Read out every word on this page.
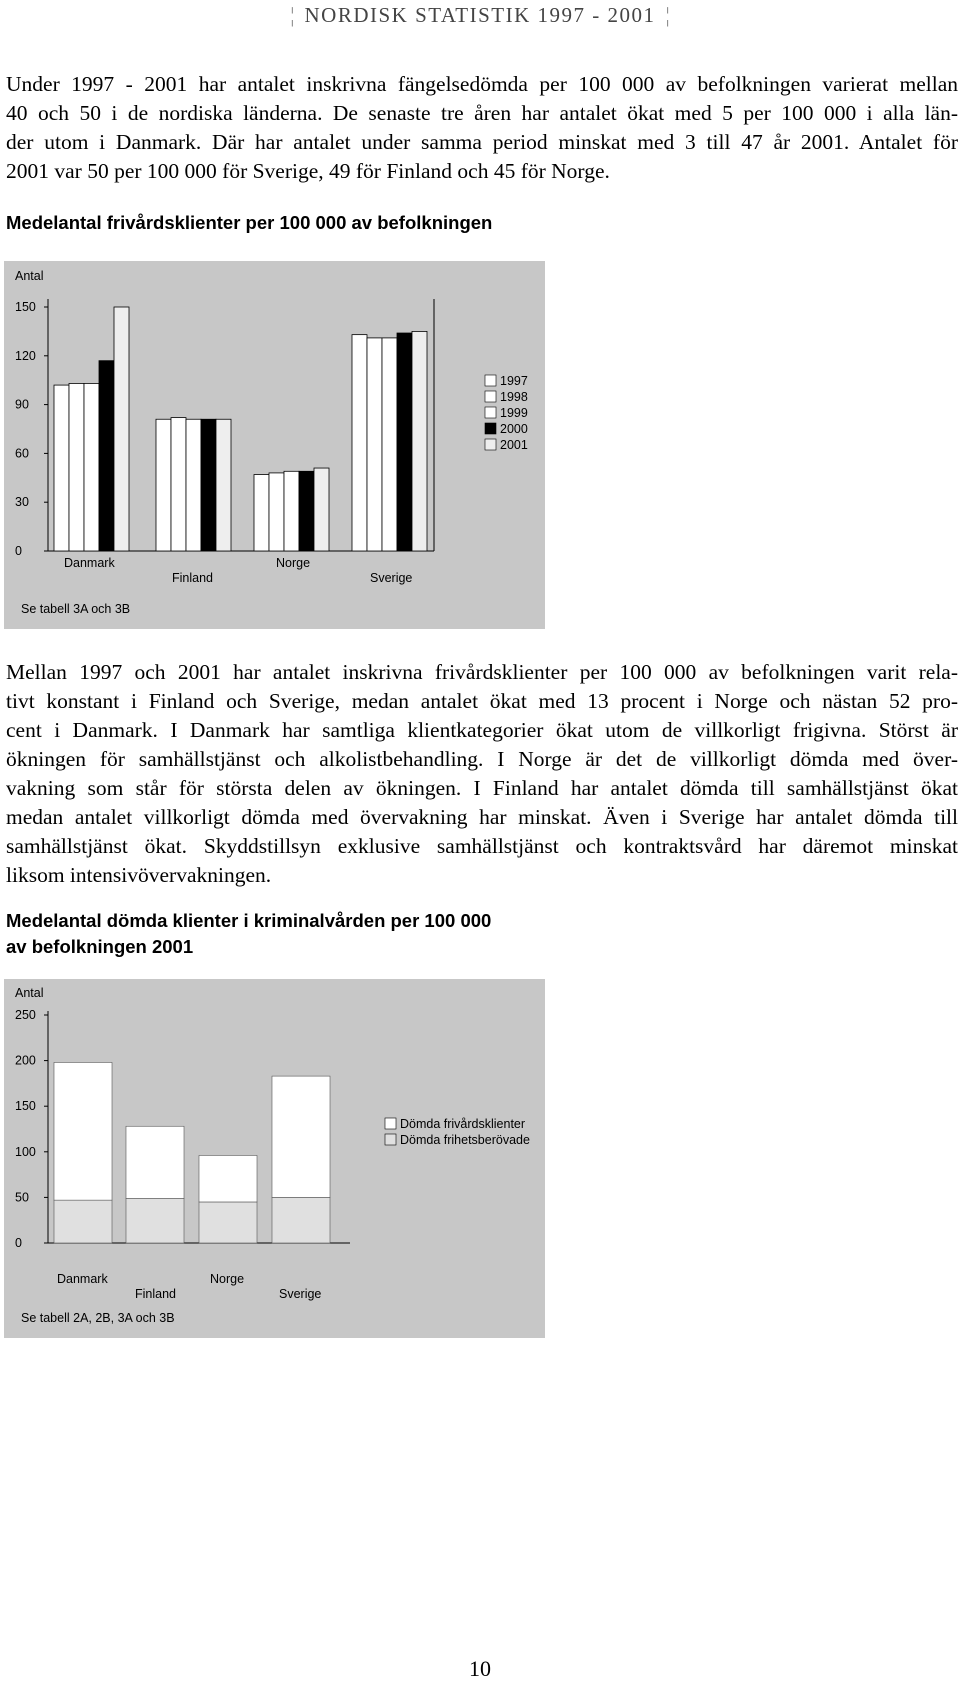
¦ NORDISK STATISTIK 1997 - 2001 ¦
Under 1997 - 2001 har antalet inskrivna fängelsedömda per 100 000 av befolkningen varierat mellan
40 och 50 i de nordiska länderna. De senaste tre åren har antalet ökat med 5 per 100 000 i alla län-
der utom i Danmark. Där har antalet under samma period minskat med 3 till 47 år 2001. Antalet för
2001 var 50 per 100 000 för Sverige, 49 för Finland och 45 för Norge.
Medelantal frivårdsklienter per 100 000 av befolkningen
Antal
0
30
60
90
120
150
Danmark
Finland
Norge
Sverige
1997
1998
1999
2000
2001
Se tabell 3A och 3B
Mellan 1997 och 2001 har antalet inskrivna frivårdsklienter per 100 000 av befolkningen varit rela-
tivt konstant i Finland och Sverige, medan antalet ökat med 13 procent i Norge och nästan 52 pro-
cent i Danmark. I Danmark har samtliga klientkategorier ökat utom de villkorligt frigivna. Störst är
ökningen för samhällstjänst och alkolistbehandling. I Norge är det de villkorligt dömda med över-
vakning som står för största delen av ökningen. I Finland har antalet dömda till samhällstjänst ökat
medan antalet villkorligt dömda med övervakning har minskat. Även i Sverige har antalet dömda till
samhällstjänst ökat. Skyddstillsyn exklusive samhällstjänst och kontraktsvård har däremot minskat
liksom intensivövervakningen.
Medelantal dömda klienter i kriminalvården per 100 000
av befolkningen 2001
Antal
0
50
100
150
200
250
Danmark
Finland
Norge
Sverige
Dömda frivårdsklienter
Dömda frihetsberövade
Se tabell 2A, 2B, 3A och 3B
10
